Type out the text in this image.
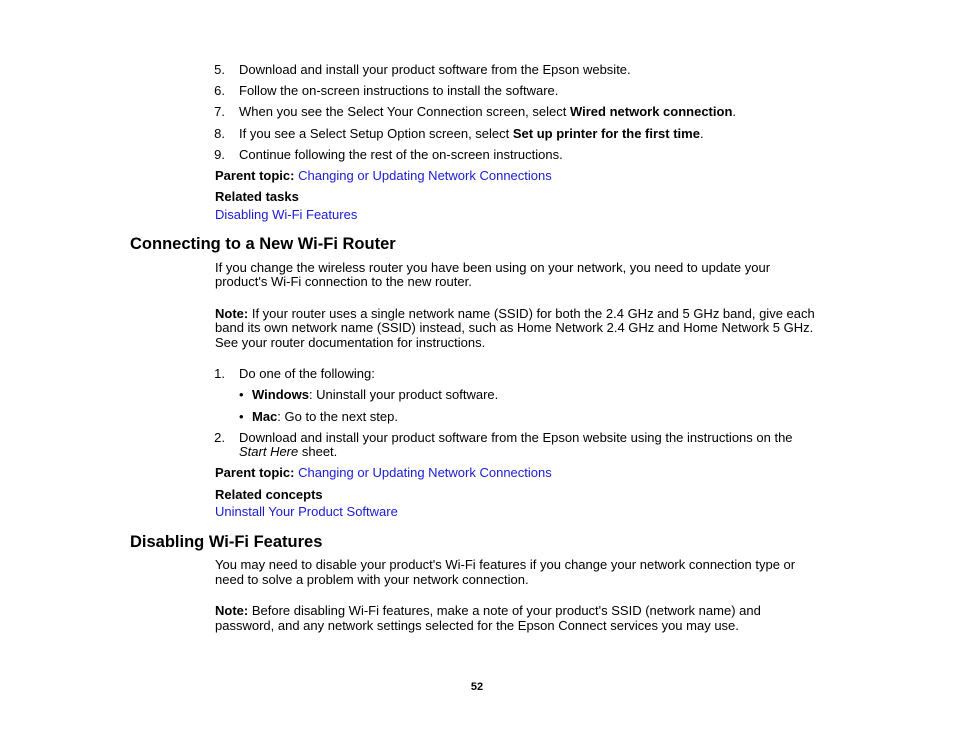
5. Download and install your product software from the Epson website.
6. Follow the on-screen instructions to install the software.
7. When you see the Select Your Connection screen, select Wired network connection.
8. If you see a Select Setup Option screen, select Set up printer for the first time.
9. Continue following the rest of the on-screen instructions.
Parent topic: Changing or Updating Network Connections
Related tasks
Disabling Wi-Fi Features
Connecting to a New Wi-Fi Router
If you change the wireless router you have been using on your network, you need to update your
product's Wi-Fi connection to the new router.
Note: If your router uses a single network name (SSID) for both the 2.4 GHz and 5 GHz band, give each
band its own network name (SSID) instead, such as Home Network 2.4 GHz and Home Network 5 GHz.
See your router documentation for instructions.
1. Do one of the following:
• Windows: Uninstall your product software.
• Mac: Go to the next step.
2. Download and install your product software from the Epson website using the instructions on the
Start Here sheet.
Parent topic: Changing or Updating Network Connections
Related concepts
Uninstall Your Product Software
Disabling Wi-Fi Features
You may need to disable your product's Wi-Fi features if you change your network connection type or
need to solve a problem with your network connection.
Note: Before disabling Wi-Fi features, make a note of your product's SSID (network name) and
password, and any network settings selected for the Epson Connect services you may use.
52
